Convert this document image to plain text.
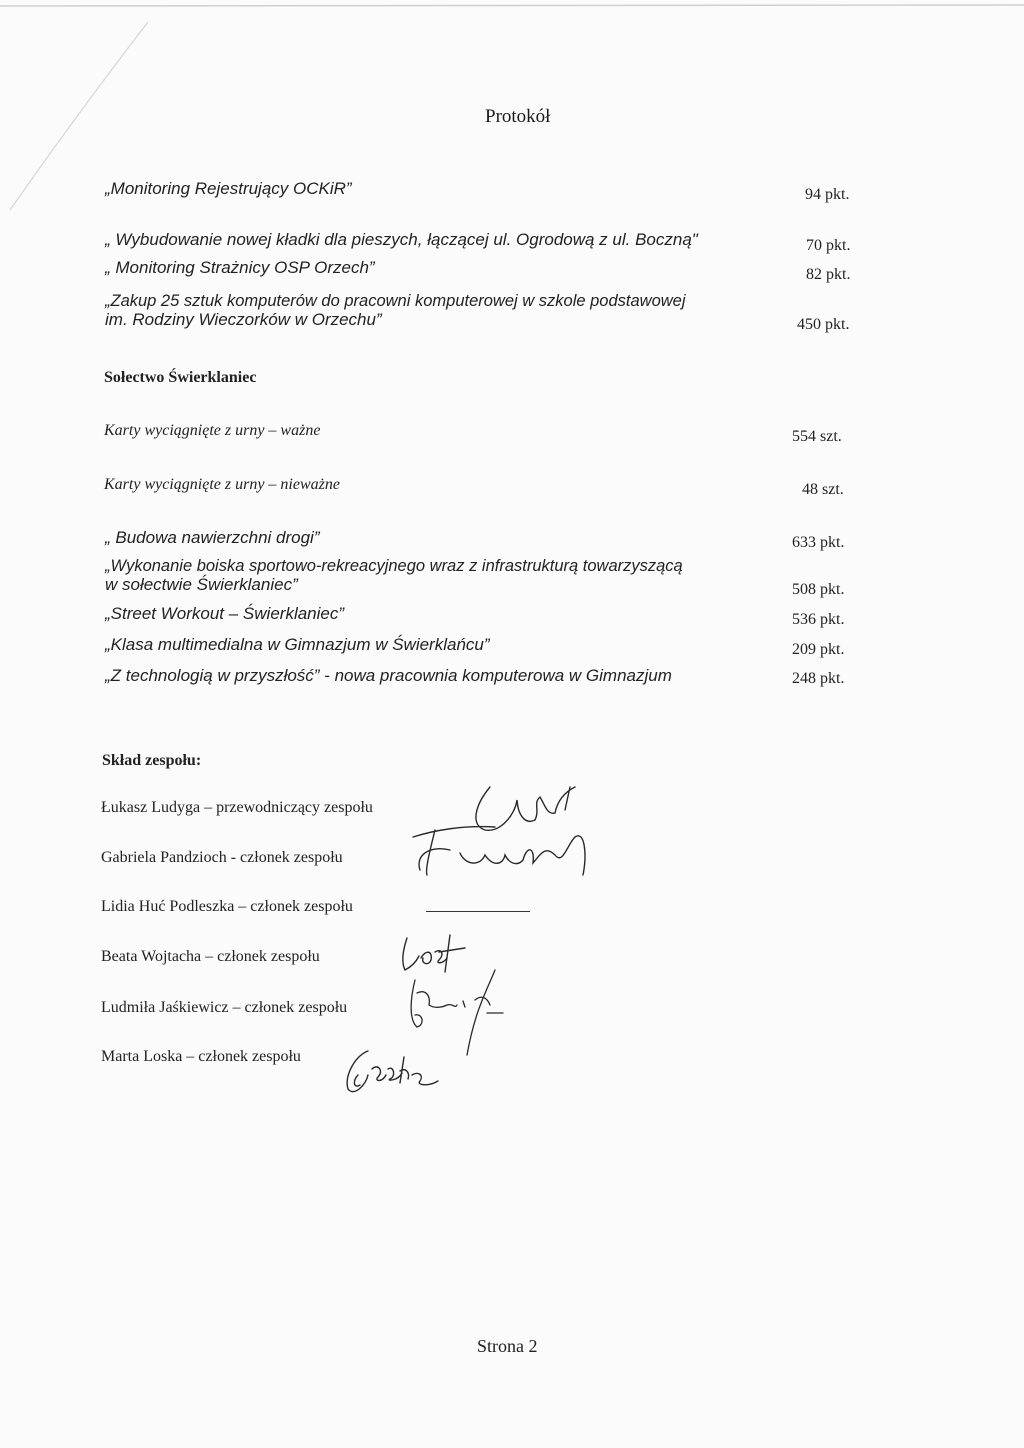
Protokół
„Monitoring Rejestrujący OCKiR”	94 pkt.
„ Wybudowanie nowej kładki dla pieszych, łączącej ul. Ogrodową z ul. Boczną"	70 pkt.
„ Monitoring Strażnicy OSP Orzech”	82 pkt.
„Zakup 25 sztuk komputerów do pracowni komputerowej w szkole podstawowej
im. Rodziny Wieczorków w Orzechu”	450 pkt.
Sołectwo Świerklaniec
Karty wyciągnięte z urny – ważne	554 szt.
Karty wyciągnięte z urny – nieważne	48 szt.
„ Budowa nawierzchni drogi”	633 pkt.
„Wykonanie boiska sportowo-rekreacyjnego wraz z infrastrukturą towarzyszącą
w sołectwie Świerklaniec”	508 pkt.
„Street Workout – Świerklaniec”	536 pkt.
„Klasa multimedialna w Gimnazjum w Świerklańcu”	209 pkt.
„Z technologią w przyszłość” - nowa pracownia komputerowa w Gimnazjum	248 pkt.
Skład zespołu:
Łukasz Ludyga – przewodniczący zespołu
Gabriela Pandzioch - członek zespołu
Lidia Huć Podleszka – członek zespołu
Beata Wojtacha – członek zespołu
Ludmiła Jaśkiewicz – członek zespołu
Marta Loska – członek zespołu
Strona 2
